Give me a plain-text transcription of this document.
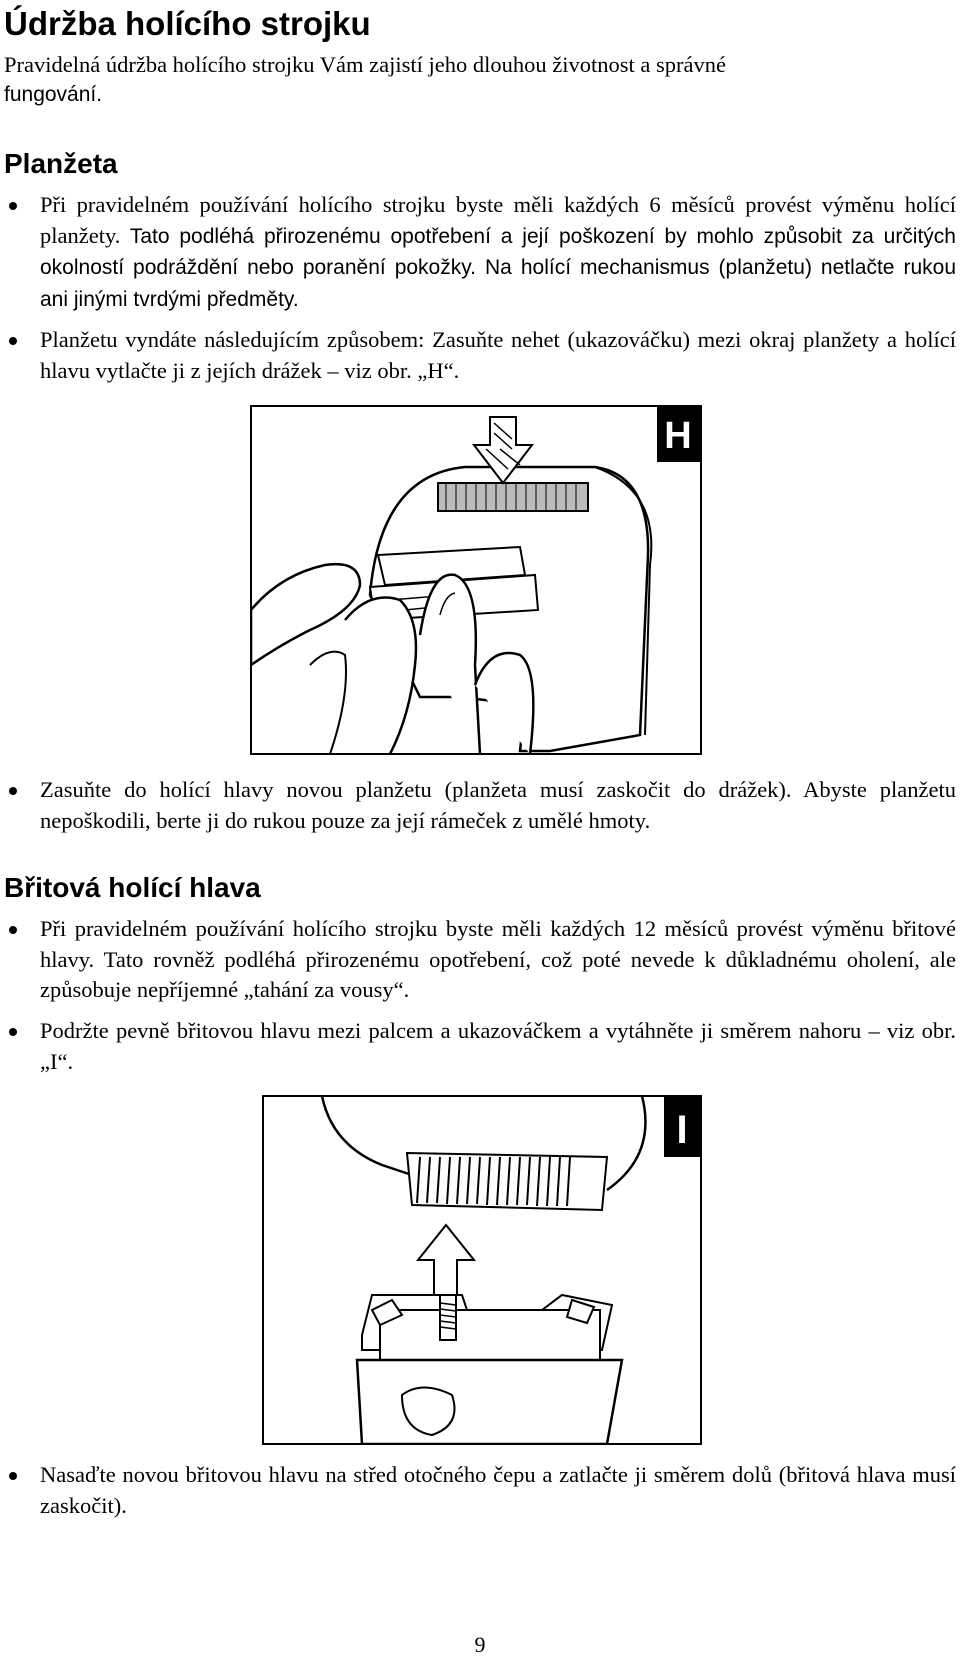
Údržba holícího strojku

Pravidelná údržba holícího strojku Vám zajistí jeho dlouhou životnost a správné

fungování.

Planžeta

Při pravidelném používání holícího strojku byste měli každých 6 měsíců provést výměnu holící planžety. Tato podléhá přirozenému opotřebení a její poškození by mohlo způsobit za určitých okolností podráždění nebo poranění pokožky. Na holící mechanismus (planžetu) netlačte rukou ani jinými tvrdými předměty.

Planžetu vyndáte následujícím způsobem: Zasuňte nehet (ukazováčku) mezi okraj planžety a holící hlavu vytlačte ji z jejích drážek – viz obr. „H“.

H

Zasuňte do holící hlavy novou planžetu (planžeta musí zaskočit do drážek). Abyste planžetu nepoškodili, berte ji do rukou pouze za její rámeček z umělé hmoty.

Břitová holící hlava

Při pravidelném používání holícího strojku byste měli každých 12 měsíců provést výměnu břitové hlavy. Tato rovněž podléhá přirozenému opotřebení, což poté nevede k důkladnému oholení, ale způsobuje nepříjemné „tahání za vousy“.

Podržte pevně břitovou hlavu mezi palcem a ukazováčkem a vytáhněte ji směrem nahoru – viz obr. „I“.

I

Nasaďte novou břitovou hlavu na střed otočného čepu a zatlačte ji směrem dolů (břitová hlava musí zaskočit).

9
